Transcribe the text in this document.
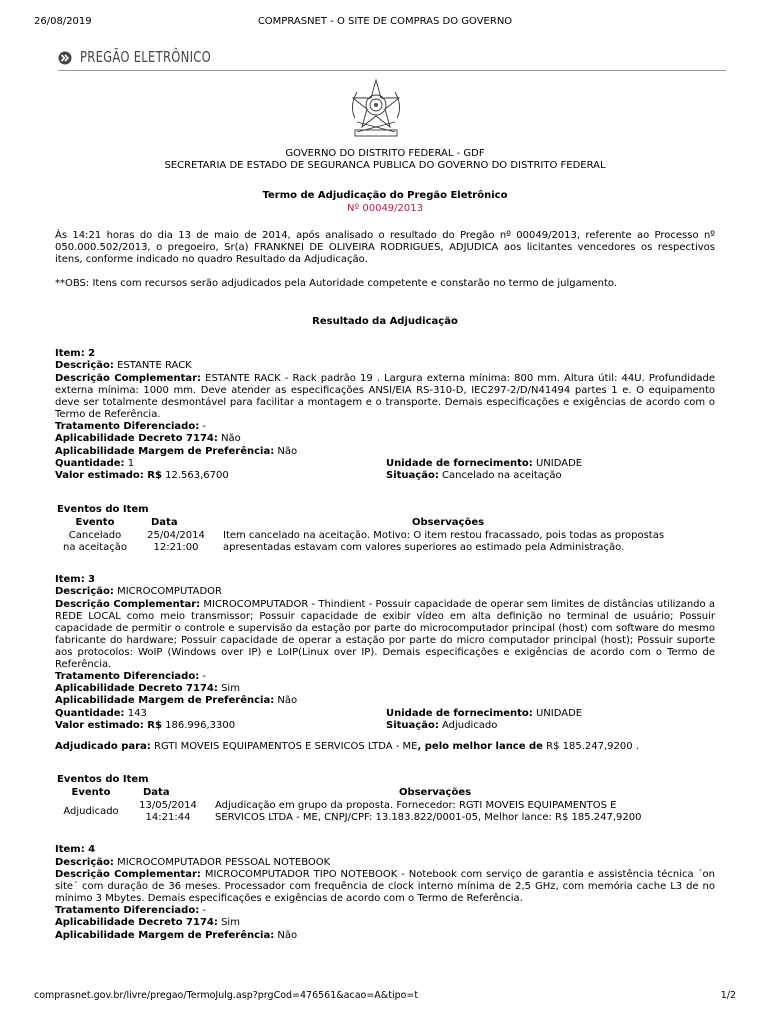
26/08/2019	COMPRASNET - O SITE DE COMPRAS DO GOVERNO
PREGÃO ELETRÔNICO

GOVERNO DO DISTRITO FEDERAL - GDF

SECRETARIA DE ESTADO DE SEGURANCA PUBLICA DO GOVERNO DO DISTRITO FEDERAL

Termo de Adjudicação do Pregão Eletrônico

Nº 00049/2013

Às 14:21 horas do dia 13 de maio de 2014, após analisado o resultado do Pregão nº 00049/2013, referente ao Processo nº 050.000.502/2013, o pregoeiro, Sr(a) FRANKNEI DE OLIVEIRA RODRIGUES, ADJUDICA aos licitantes vencedores os respectivos itens, conforme indicado no quadro Resultado da Adjudicação.

**OBS: Itens com recursos serão adjudicados pela Autoridade competente e constarão no termo de julgamento.

Resultado da Adjudicação

Item: 2

Descrição: ESTANTE RACK

Descrição Complementar: ESTANTE RACK - Rack padrão 19 . Largura externa mínima: 800 mm. Altura útil: 44U. Profundidade externa mínima: 1000 mm. Deve atender as especificações ANSI/EIA RS-310-D, IEC297-2/D/N41494 partes 1 e. O equipamento deve ser totalmente desmontável para facilitar a montagem e o transporte. Demais especificações e exigências de acordo com o Termo de Referência.

Tratamento Diferenciado: -

Aplicabilidade Decreto 7174: Não

Aplicabilidade Margem de Preferência: Não

Quantidade: 1	Unidade de fornecimento: UNIDADE

Valor estimado: R$ 12.563,6700	Situação: Cancelado na aceitação

Eventos do Item

Evento	Data	Observações
Cancelado na aceitação	25/04/2014 12:21:00	Item cancelado na aceitação. Motivo: O item restou fracassado, pois todas as propostas apresentadas estavam com valores superiores ao estimado pela Administração.

Item: 3

Descrição: MICROCOMPUTADOR

Descrição Complementar: MICROCOMPUTADOR - Thindient - Possuir capacidade de operar sem limites de distâncias utilizando a REDE LOCAL como meio transmissor; Possuir capacidade de exibir vídeo em alta definição no terminal de usuário; Possuir capacidade de permitir o controle e supervisão da estação por parte do microcomputador principal (host) com software do mesmo fabricante do hardware; Possuir capacidade de operar a estação por parte do micro computador principal (host); Possuir suporte aos protocolos: WoIP (Windows over IP) e LoIP(Linux over IP). Demais especificações e exigências de acordo com o Termo de Referência.

Tratamento Diferenciado: -

Aplicabilidade Decreto 7174: Sim

Aplicabilidade Margem de Preferência: Não

Quantidade: 143	Unidade de fornecimento: UNIDADE

Valor estimado: R$ 186.996,3300	Situação: Adjudicado

Adjudicado para: RGTI MOVEIS EQUIPAMENTOS E SERVICOS LTDA - ME, pelo melhor lance de R$ 185.247,9200 .

Eventos do Item

Evento	Data	Observações
Adjudicado	13/05/2014 14:21:44	Adjudicação em grupo da proposta. Fornecedor: RGTI MOVEIS EQUIPAMENTOS E SERVICOS LTDA - ME, CNPJ/CPF: 13.183.822/0001-05, Melhor lance: R$ 185.247,9200

Item: 4

Descrição: MICROCOMPUTADOR PESSOAL NOTEBOOK

Descrição Complementar: MICROCOMPUTADOR TIPO NOTEBOOK - Notebook com serviço de garantia e assistência técnica ´on site´ com duração de 36 meses. Processador com frequência de clock interno mínima de 2,5 GHz, com memória cache L3 de no mínimo 3 Mbytes. Demais especificações e exigências de acordo com o Termo de Referência.

Tratamento Diferenciado: -

Aplicabilidade Decreto 7174: Sim

Aplicabilidade Margem de Preferência: Não

comprasnet.gov.br/livre/pregao/TermoJulg.asp?prgCod=476561&acao=A&tipo=t	1/2
